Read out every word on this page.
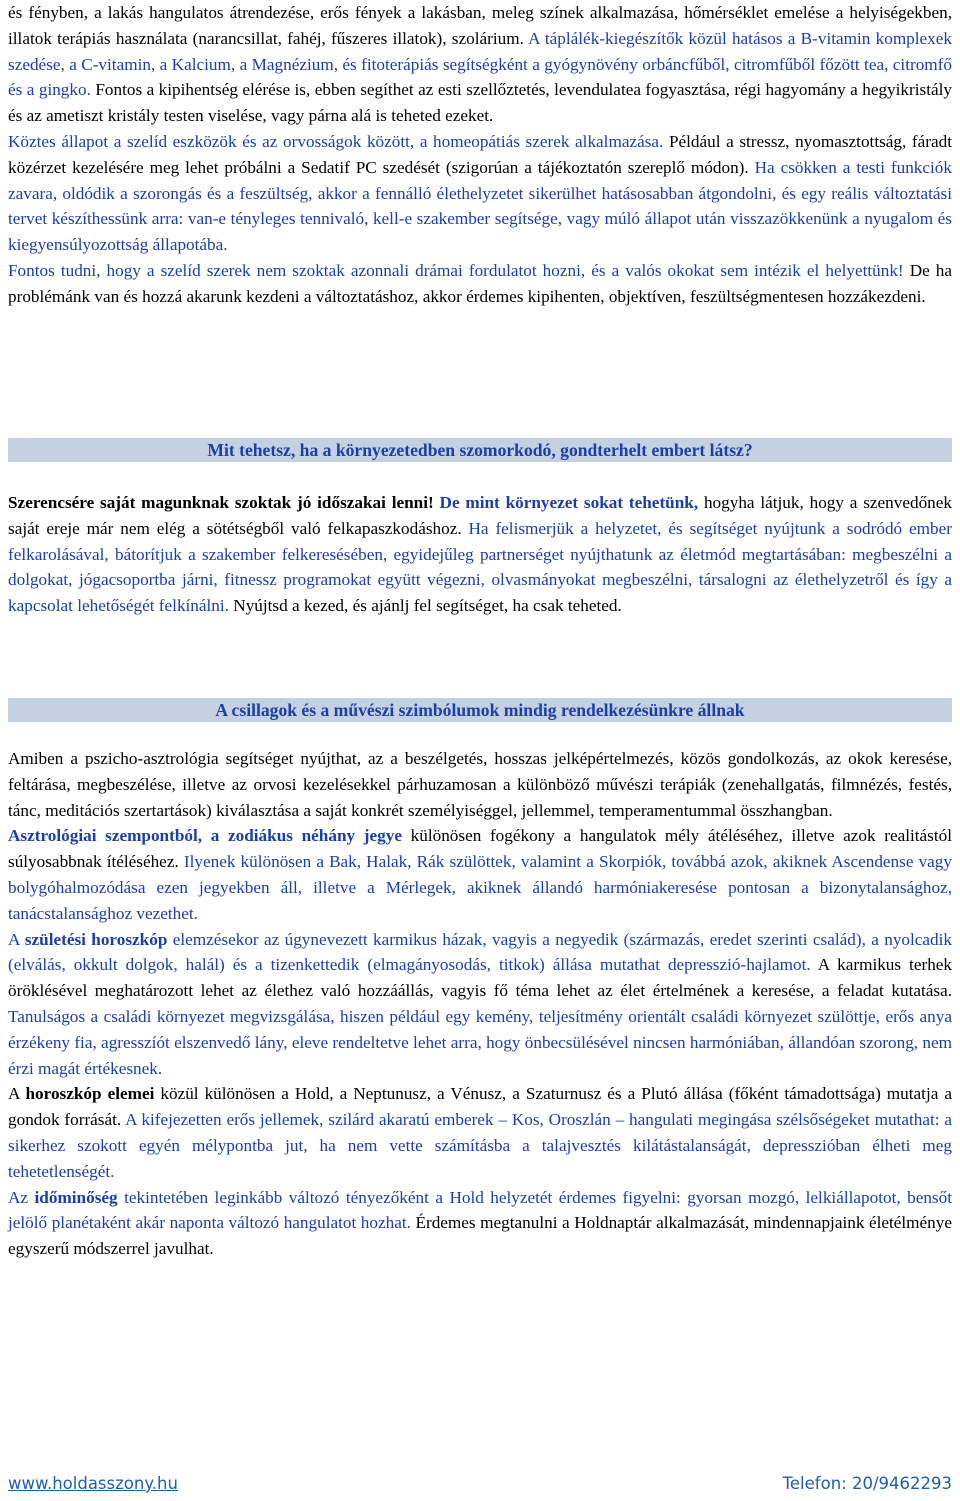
és fényben, a lakás hangulatos átrendezése, erős fények a lakásban, meleg színek alkalmazása, hőmérséklet emelése a helyiségekben, illatok terápiás használata (narancsillat, fahéj, fűszeres illatok), szolárium. A táplálék-kiegészítők közül hatásos a B-vitamin komplexek szedése, a C-vitamin, a Kalcium, a Magnézium, és fitoterápiás segítségként a gyógynövény orbáncfűből, citromfűből főzött tea, citromfő és a gingko. Fontos a kipihentség elérése is, ebben segíthet az esti szellőztetés, levendulatea fogyasztása, régi hagyomány a hegyikristály és az ametiszt kristály testen viselése, vagy párna alá is teheted ezeket.

Köztes állapot a szelíd eszközök és az orvosságok között, a homeopátiás szerek alkalmazása. Például a stressz, nyomasztottság, fáradt közérzet kezelésére meg lehet próbálni a Sedatif PC szedését (szigorúan a tájékoztatón szereplő módon). Ha csökken a testi funkciók zavara, oldódik a szorongás és a feszültség, akkor a fennálló élethelyzetet sikerülhet hatásosabban átgondolni, és egy reális változtatási tervet készíthessünk arra: van-e tényleges tennivaló, kell-e szakember segítsége, vagy múló állapot után visszazökkenünk a nyugalom és kiegyensúlyozottság állapotába.

Fontos tudni, hogy a szelíd szerek nem szoktak azonnali drámai fordulatot hozni, és a valós okokat sem intézik el helyettünk! De ha problémánk van és hozzá akarunk kezdeni a változtatáshoz, akkor érdemes kipihenten, objektíven, feszültségmentesen hozzákezdeni.

Mit tehetsz, ha a környezetedben szomorkodó, gondterhelt embert látsz?

Szerencsére saját magunknak szoktak jó időszakai lenni! De mint környezet sokat tehetünk, hogyha látjuk, hogy a szenvedőnek saját ereje már nem elég a sötétségből való felkapaszkodáshoz. Ha felismerjük a helyzetet, és segítséget nyújtunk a sodródó ember felkarolásával, bátorítjuk a szakember felkeresésében, egyidejűleg partnerséget nyújthatunk az életmód megtartásában: megbeszélni a dolgokat, jógacsoportba járni, fitnessz programokat együtt végezni, olvasmányokat megbeszélni, társalogni az élethelyzetről és így a kapcsolat lehetőségét felkínálni. Nyújtsd a kezed, és ajánlj fel segítséget, ha csak teheted.

A csillagok és a művészi szimbólumok mindig rendelkezésünkre állnak

Amiben a pszicho-asztrológia segítséget nyújthat, az a beszélgetés, hosszas jelképértelmezés, közös gondolkozás, az okok keresése, feltárása, megbeszélése, illetve az orvosi kezelésekkel párhuzamosan a különböző művészi terápiák (zenehallgatás, filmnézés, festés, tánc, meditációs szertartások) kiválasztása a saját konkrét személyiséggel, jellemmel, temperamentummal összhangban.

Asztrológiai szempontból, a zodiákus néhány jegye különösen fogékony a hangulatok mély átéléséhez, illetve azok realitástól súlyosabbnak ítéléséhez. Ilyenek különösen a Bak, Halak, Rák szülöttek, valamint a Skorpiók, továbbá azok, akiknek Ascendense vagy bolygóhalmozódása ezen jegyekben áll, illetve a Mérlegek, akiknek állandó harmóniakeresése pontosan a bizonytalansághoz, tanácstalansághoz vezethet.

A születési horoszkóp elemzésekor az úgynevezett karmikus házak, vagyis a negyedik (származás, eredet szerinti család), a nyolcadik (elválás, okkult dolgok, halál) és a tizenkettedik (elmagányosodás, titkok) állása mutathat depresszió-hajlamot. A karmikus terhek öröklésével meghatározott lehet az élethez való hozzáállás, vagyis fő téma lehet az élet értelmének a keresése, a feladat kutatása. Tanulságos a családi környezet megvizsgálása, hiszen például egy kemény, teljesítmény orientált családi környezet szülöttje, erős anya érzékeny fia, agresszíót elszenvedő lány, eleve rendeltetve lehet arra, hogy önbecsülésével nincsen harmóniában, állandóan szorong, nem érzi magát értékesnek.

A horoszkóp elemei közül különösen a Hold, a Neptunusz, a Vénusz, a Szaturnusz és a Plutó állása (főként támadottsága) mutatja a gondok forrását. A kifejezetten erős jellemek, szilárd akaratú emberek – Kos, Oroszlán – hangulati megingása szélsőségeket mutathat: a sikerhez szokott egyén mélypontba jut, ha nem vette számításba a talajvesztés kilátástalanságát, depresszióban élheti meg tehetetlenségét.

Az időminőség tekintetében leginkább változó tényezőként a Hold helyzetét érdemes figyelni: gyorsan mozgó, lelkiállapotot, bensőt jelölő planétaként akár naponta változó hangulatot hozhat. Érdemes megtanulni a Holdnaptár alkalmazását, mindennapjaink életélménye egyszerű módszerrel javulhat.

www.holdasszony.hu	Telefon: 20/9462293
